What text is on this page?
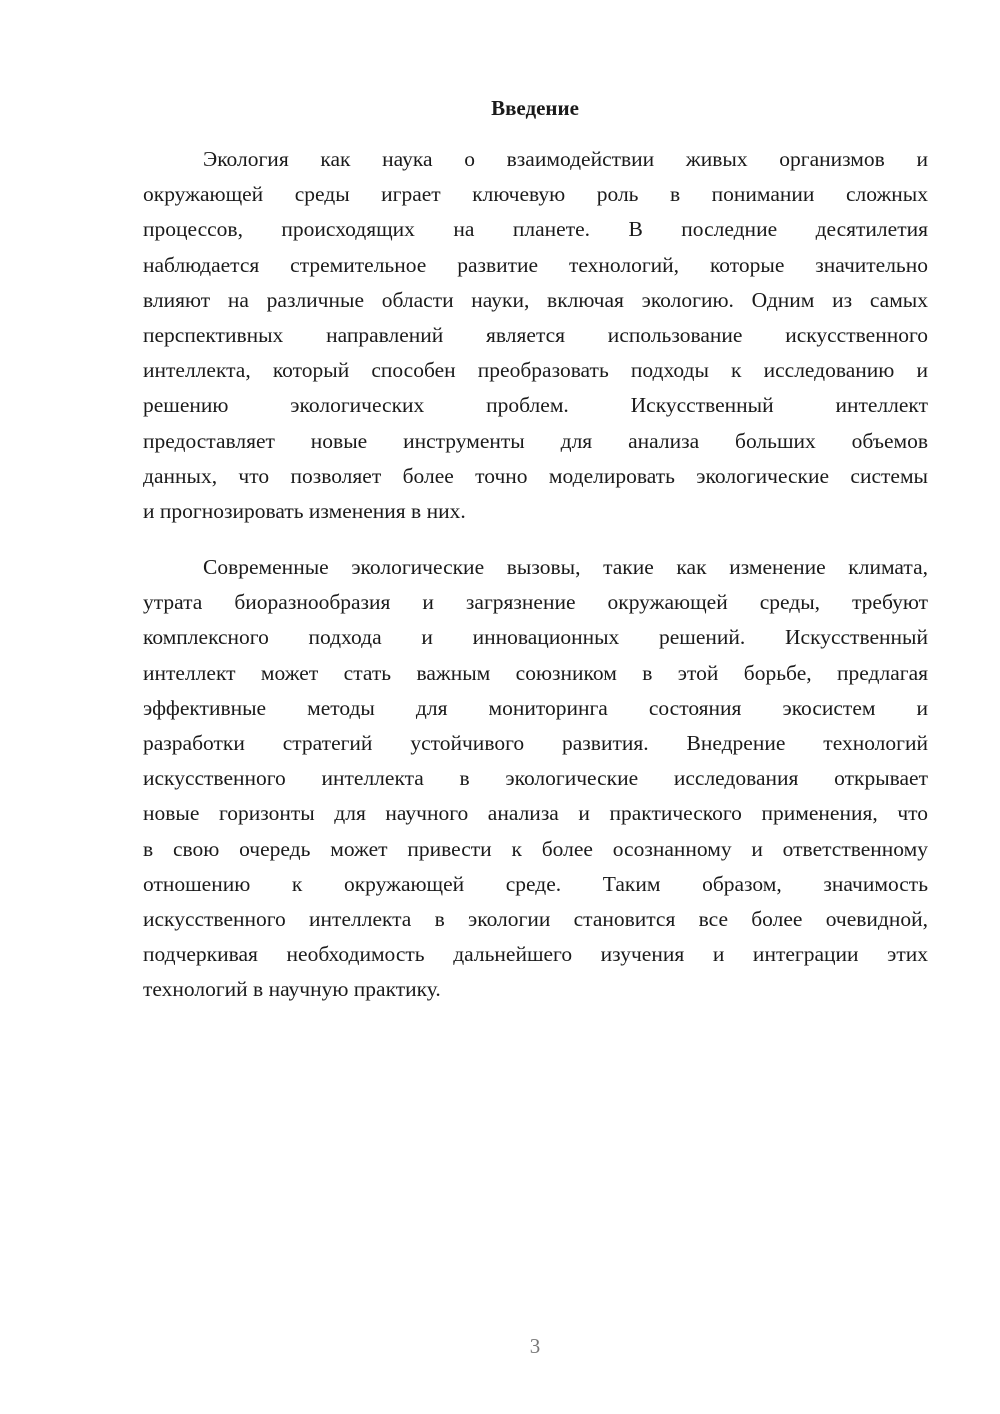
Введение
Экология как наука о взаимодействии живых организмов и
окружающей среды играет ключевую роль в понимании сложных
процессов, происходящих на планете. В последние десятилетия
наблюдается стремительное развитие технологий, которые значительно
влияют на различные области науки, включая экологию. Одним из самых
перспективных направлений является использование искусственного
интеллекта, который способен преобразовать подходы к исследованию и
решению экологических проблем. Искусственный интеллект
предоставляет новые инструменты для анализа больших объемов
данных, что позволяет более точно моделировать экологические системы
и прогнозировать изменения в них.
Современные экологические вызовы, такие как изменение климата,
утрата биоразнообразия и загрязнение окружающей среды, требуют
комплексного подхода и инновационных решений. Искусственный
интеллект может стать важным союзником в этой борьбе, предлагая
эффективные методы для мониторинга состояния экосистем и
разработки стратегий устойчивого развития. Внедрение технологий
искусственного интеллекта в экологические исследования открывает
новые горизонты для научного анализа и практического применения, что
в свою очередь может привести к более осознанному и ответственному
отношению к окружающей среде. Таким образом, значимость
искусственного интеллекта в экологии становится все более очевидной,
подчеркивая необходимость дальнейшего изучения и интеграции этих
технологий в научную практику.
3
